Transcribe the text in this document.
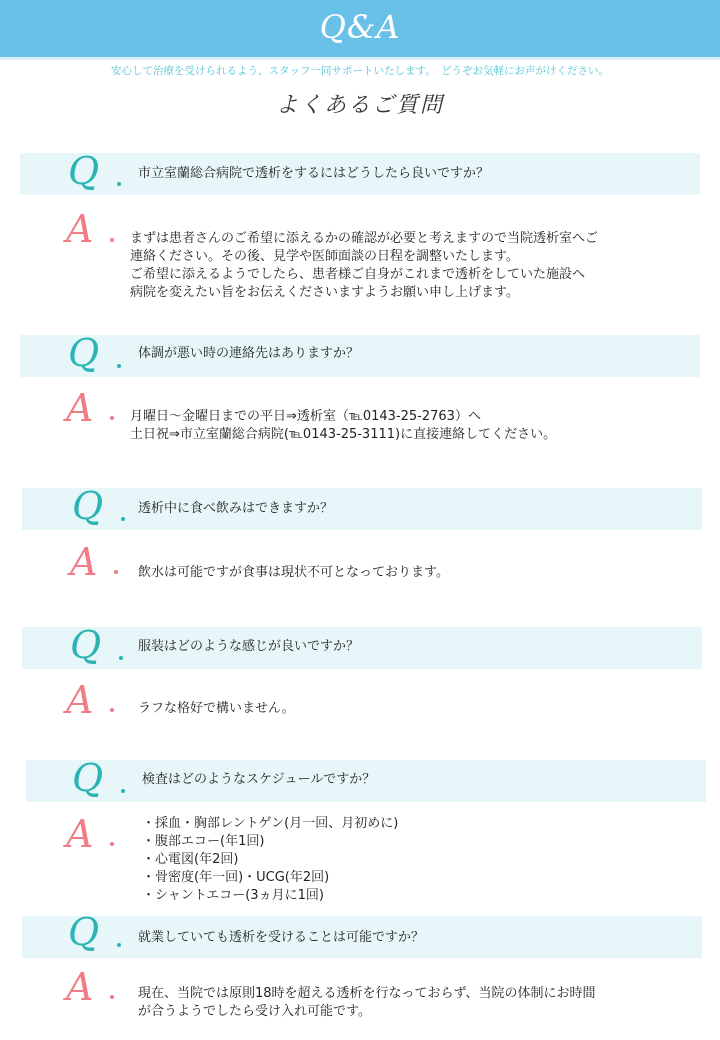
Q&A
安心して治療を受けられるよう、スタッフ一同サポートいたします。　どうぞお気軽にお声がけください。
よくあるご質問
Q	市立室蘭総合病院で透析をするにはどうしたら良いですか？
A	まずは患者さんのご希望に添えるかの確認が必要と考えますので当院透析室へご
連絡ください。その後、見学や医師面談の日程を調整いたします。
ご希望に添えるようでしたら、患者様ご自身がこれまで透析をしていた施設へ
病院を変えたい旨をお伝えくださいますようお願い申し上げます。
Q	体調が悪い時の連絡先はありますか？
A	月曜日～金曜日までの平日⇒透析室（℡0143-25-2763）へ
土日祝⇒市立室蘭総合病院(℡0143-25-3111)に直接連絡してください。
Q	透析中に食べ飲みはできますか？
A	飲水は可能ですが食事は現状不可となっております。
Q	服装はどのような感じが良いですか？
A	ラフな格好で構いません。
Q	検査はどのようなスケジュールですか？
A	・採血・胸部レントゲン(月一回、月初めに)
・腹部エコー(年1回)
・心電図(年2回)
・骨密度(年一回)・UCG(年2回)
・シャントエコー(3ヵ月に1回)
Q	就業していても透析を受けることは可能ですか？
A	現在、当院では原則18時を超える透析を行なっておらず、当院の体制にお時間
が合うようでしたら受け入れ可能です。
